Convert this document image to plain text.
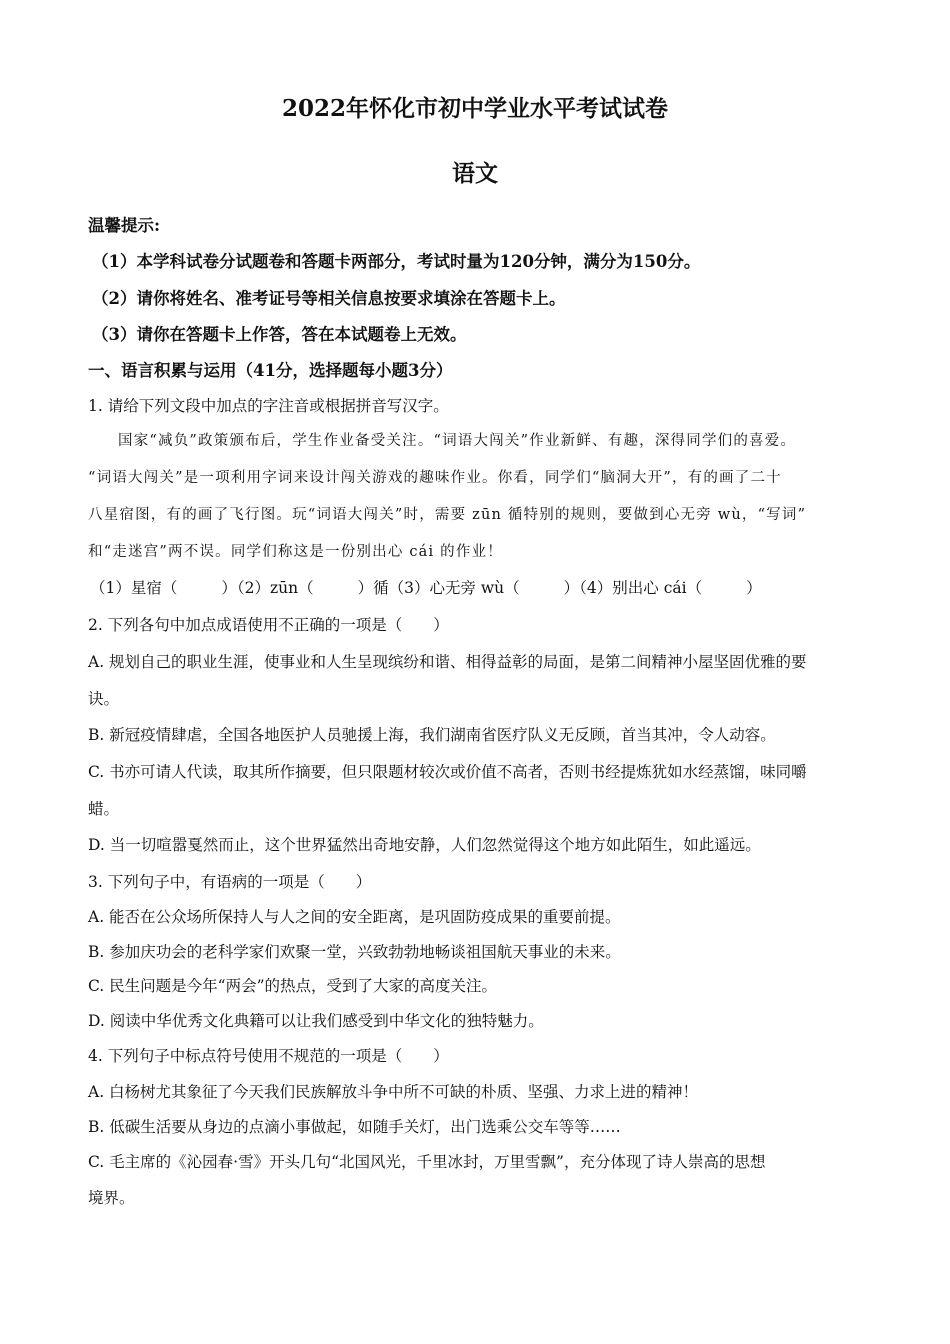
2022年怀化市初中学业水平考试试卷
语文
温馨提示:
（1）本学科试卷分试题卷和答题卡两部分，考试时量为120分钟，满分为150分。
（2）请你将姓名、准考证号等相关信息按要求填涂在答题卡上。
（3）请你在答题卡上作答，答在本试题卷上无效。
一、语言积累与运用（41分，选择题每小题3分）
1. 请给下列文段中加点的字注音或根据拼音写汉字。
国家“减负”政策颁布后，学生作业备受关注。“词语大闯关”作业新鲜、有趣，深得同学们的喜爱。
“词语大闯关”是一项利用字词来设计闯关游戏的趣味作业。你看，同学们“脑洞大开”，有的画了二十
八星宿图，有的画了飞行图。玩“词语大闯关”时，需要 zūn 循特别的规则，要做到心无旁 wù，“写词”
和“走迷宫”两不误。同学们称这是一份别出心 cái 的作业！
（1）星宿（	）（2）zūn（	）循（3）心无旁 wù（	）（4）别出心 cái（	）
2. 下列各句中加点成语使用不正确的一项是（　　）
A. 规划自己的职业生涯，使事业和人生呈现缤纷和谐、相得益彰的局面，是第二间精神小屋坚固优雅的要
诀。
B. 新冠疫情肆虐，全国各地医护人员驰援上海，我们湖南省医疗队义无反顾，首当其冲，令人动容。
C. 书亦可请人代读，取其所作摘要，但只限题材较次或价值不高者，否则书经提炼犹如水经蒸馏，味同嚼
蜡。
D. 当一切喧嚣戛然而止，这个世界猛然出奇地安静，人们忽然觉得这个地方如此陌生，如此遥远。
3. 下列句子中，有语病的一项是（　　）
A. 能否在公众场所保持人与人之间的安全距离，是巩固防疫成果的重要前提。
B. 参加庆功会的老科学家们欢聚一堂，兴致勃勃地畅谈祖国航天事业的未来。
C. 民生问题是今年“两会”的热点，受到了大家的高度关注。
D. 阅读中华优秀文化典籍可以让我们感受到中华文化的独特魅力。
4. 下列句子中标点符号使用不规范的一项是（　　）
A. 白杨树尤其象征了今天我们民族解放斗争中所不可缺的朴质、坚强、力求上进的精神！
B. 低碳生活要从身边的点滴小事做起，如随手关灯，出门选乘公交车等等……
C. 毛主席的《沁园春·雪》开头几句“北国风光，千里冰封，万里雪飘”，充分体现了诗人崇高的思想
境界。
